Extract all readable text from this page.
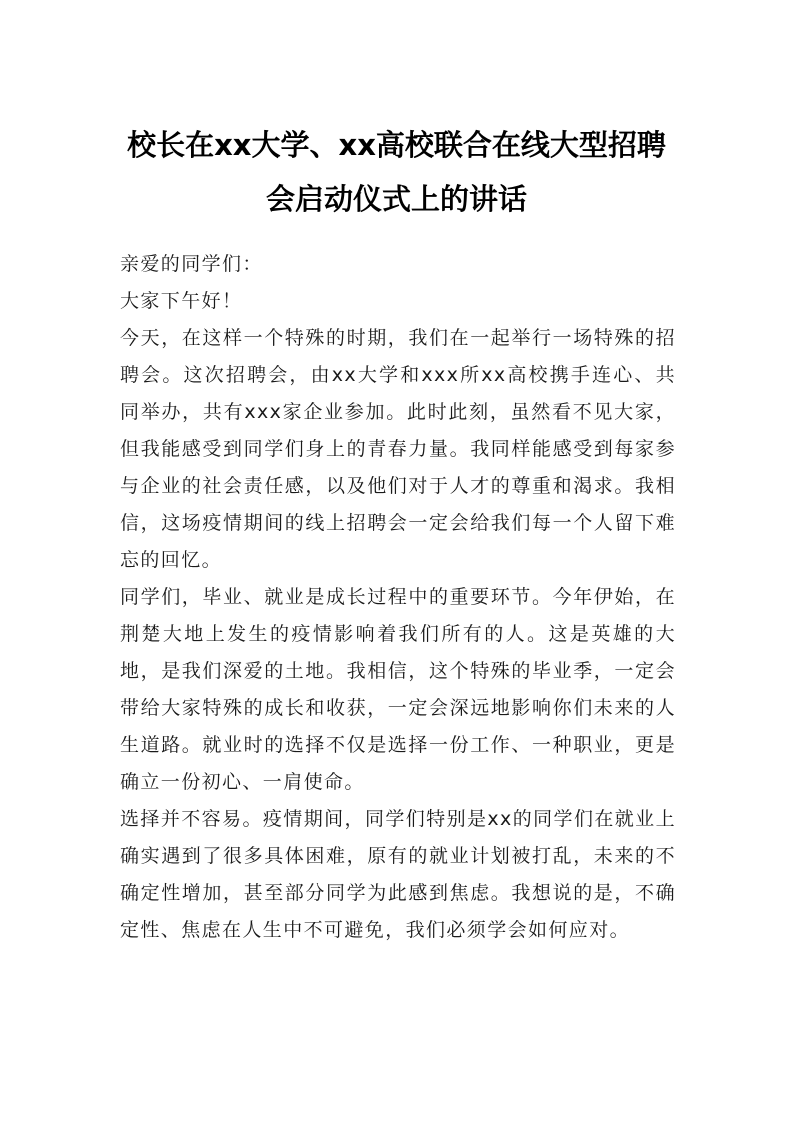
校长在xx大学、xx高校联合在线大型招聘
会启动仪式上的讲话

亲爱的同学们：

大家下午好！

今天，在这样一个特殊的时期，我们在一起举行一场特殊的招聘会。这次招聘会，由xx大学和xxx所xx高校携手连心、共同举办，共有xxx家企业参加。此时此刻，虽然看不见大家，但我能感受到同学们身上的青春力量。我同样能感受到每家参与企业的社会责任感，以及他们对于人才的尊重和渴求。我相信，这场疫情期间的线上招聘会一定会给我们每一个人留下难忘的回忆。

同学们，毕业、就业是成长过程中的重要环节。今年伊始，在荆楚大地上发生的疫情影响着我们所有的人。这是英雄的大地，是我们深爱的土地。我相信，这个特殊的毕业季，一定会带给大家特殊的成长和收获，一定会深远地影响你们未来的人生道路。就业时的选择不仅是选择一份工作、一种职业，更是确立一份初心、一肩使命。

选择并不容易。疫情期间，同学们特别是xx的同学们在就业上确实遇到了很多具体困难，原有的就业计划被打乱，未来的不确定性增加，甚至部分同学为此感到焦虑。我想说的是，不确定性、焦虑在人生中不可避免，我们必须学会如何应对。
